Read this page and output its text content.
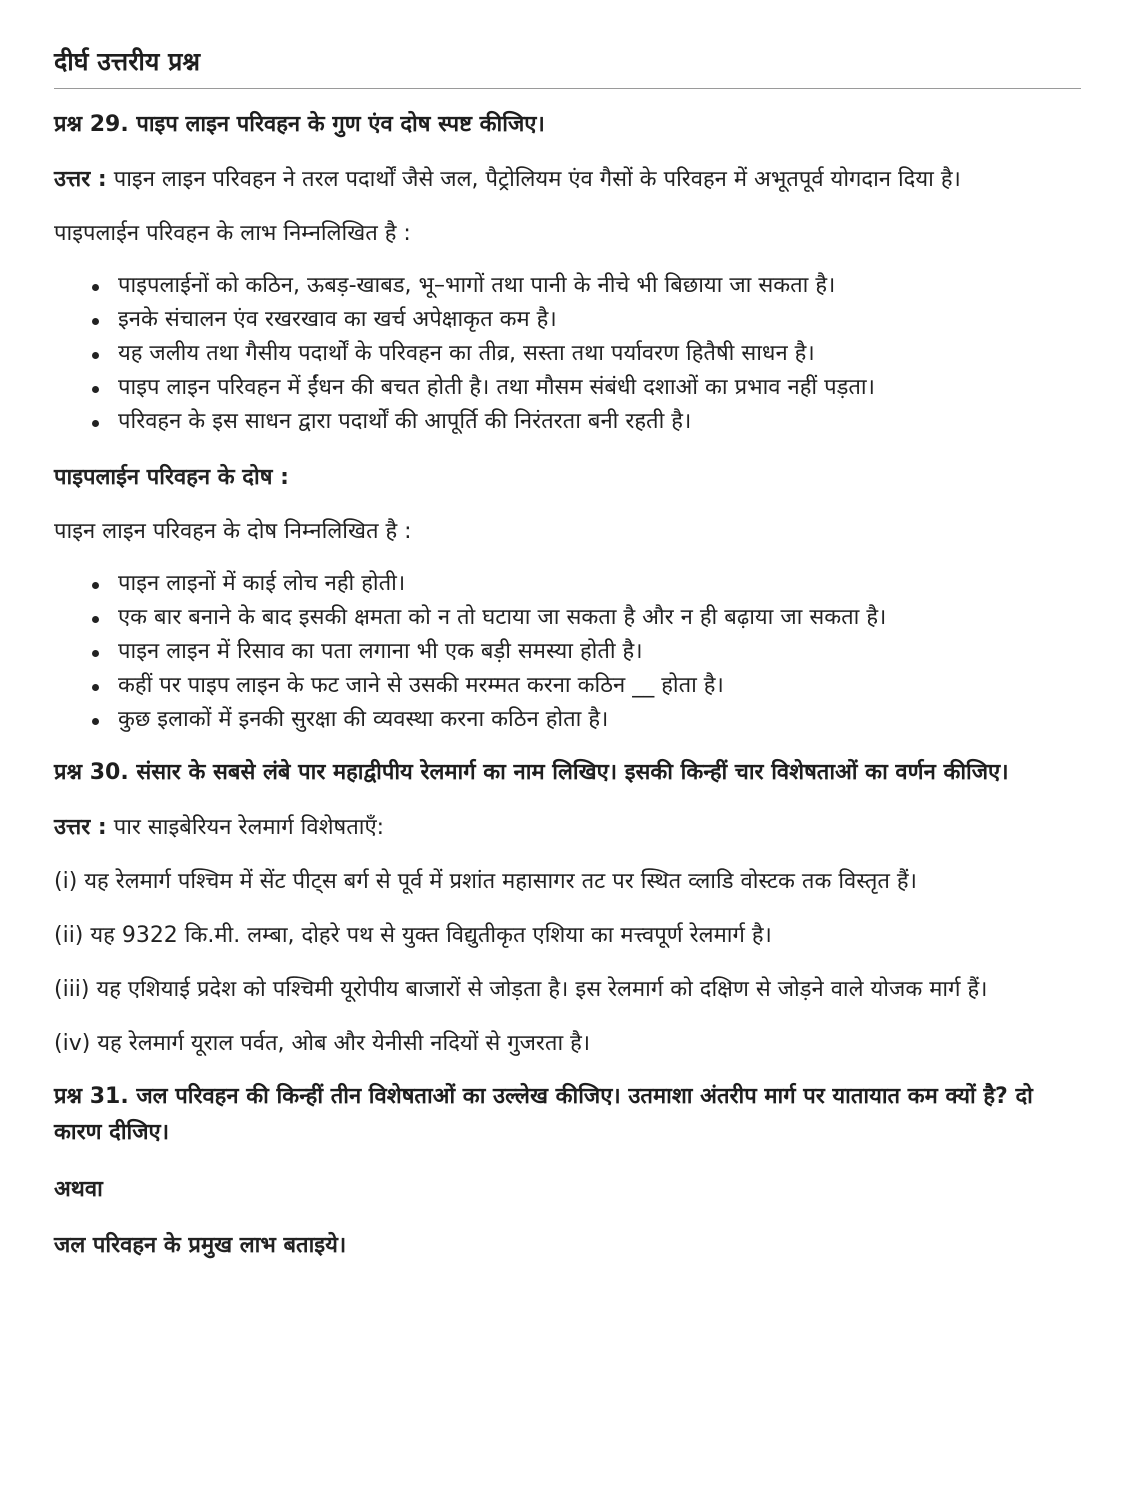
दीर्घ उत्तरीय प्रश्न
प्रश्न 29. पाइप लाइन परिवहन के गुण एंव दोष स्पष्ट कीजिए।
उत्तर : पाइन लाइन परिवहन ने तरल पदार्थों जैसे जल, पैट्रोलियम एंव गैसों के परिवहन में अभूतपूर्व योगदान दिया है।
पाइपलाईन परिवहन के लाभ निम्नलिखित है :
पाइपलाईनों को कठिन, ऊबड़-खाबड, भू–भागों तथा पानी के नीचे भी बिछाया जा सकता है।
इनके संचालन एंव रखरखाव का खर्च अपेक्षाकृत कम है।
यह जलीय तथा गैसीय पदार्थों के परिवहन का तीव्र, सस्ता तथा पर्यावरण हितैषी साधन है।
पाइप लाइन परिवहन में ईंधन की बचत होती है। तथा मौसम संबंधी दशाओं का प्रभाव नहीं पड़ता।
परिवहन के इस साधन द्वारा पदार्थों की आपूर्ति की निरंतरता बनी रहती है।
पाइपलाईन परिवहन के दोष :
पाइन लाइन परिवहन के दोष निम्नलिखित है :
पाइन लाइनों में काई लोच नही होती।
एक बार बनाने के बाद इसकी क्षमता को न तो घटाया जा सकता है और न ही बढ़ाया जा सकता है।
पाइन लाइन में रिसाव का पता लगाना भी एक बड़ी समस्या होती है।
कहीं पर पाइप लाइन के फट जाने से उसकी मरम्मत करना कठिन __ होता है।
कुछ इलाकों में इनकी सुरक्षा की व्यवस्था करना कठिन होता है।
प्रश्न 30. संसार के सबसे लंबे पार महाद्वीपीय रेलमार्ग का नाम लिखिए। इसकी किन्हीं चार विशेषताओं का वर्णन कीजिए।
उत्तर : पार साइबेरियन रेलमार्ग विशेषताएँ:
(i) यह रेलमार्ग पश्चिम में सेंट पीट्स बर्ग से पूर्व में प्रशांत महासागर तट पर स्थित व्लाडि वोस्टक तक विस्तृत हैं।
(ii) यह 9322 कि.मी. लम्बा, दोहरे पथ से युक्त विद्युतीकृत एशिया का मत्त्वपूर्ण रेलमार्ग है।
(iii) यह एशियाई प्रदेश को पश्चिमी यूरोपीय बाजारों से जोड़ता है। इस रेलमार्ग को दक्षिण से जोड़ने वाले योजक मार्ग हैं।
(iv) यह रेलमार्ग यूराल पर्वत, ओब और येनीसी नदियों से गुजरता है।
प्रश्न 31. जल परिवहन की किन्हीं तीन विशेषताओं का उल्लेख कीजिए। उतमाशा अंतरीप मार्ग पर यातायात कम क्यों है? दो कारण दीजिए।
अथवा
जल परिवहन के प्रमुख लाभ बताइये।
